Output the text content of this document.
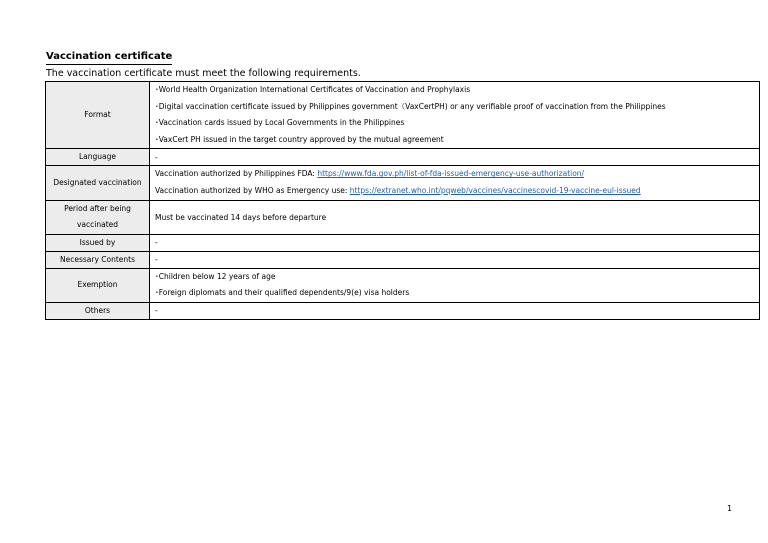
Vaccination certificate
The vaccination certificate must meet the following requirements.
Format	･World Health Organization International Certificates of Vaccination and Prophylaxis
･Digital vaccination certificate issued by Philippines government（VaxCertPH) or any verifiable proof of vaccination from the Philippines
･Vaccination cards issued by Local Governments in the Philippines
･VaxCert PH issued in the target country approved by the mutual agreement

Language	-
Designated vaccination	Vaccination authorized by Philippines FDA: https://www.fda.gov.ph/list-of-fda-issued-emergency-use-authorization/
Vaccination authorized by WHO as Emergency use: https://extranet.who.int/pqweb/vaccines/vaccinescovid-19-vaccine-eul-issued

Period after being
vaccinated	Must be vaccinated 14 days before departure
Issued by	-
Necessary Contents	-
Exemption	･Children below 12 years of age
･Foreign diplomats and their qualified dependents/9(e) visa holders

Others	-
1
